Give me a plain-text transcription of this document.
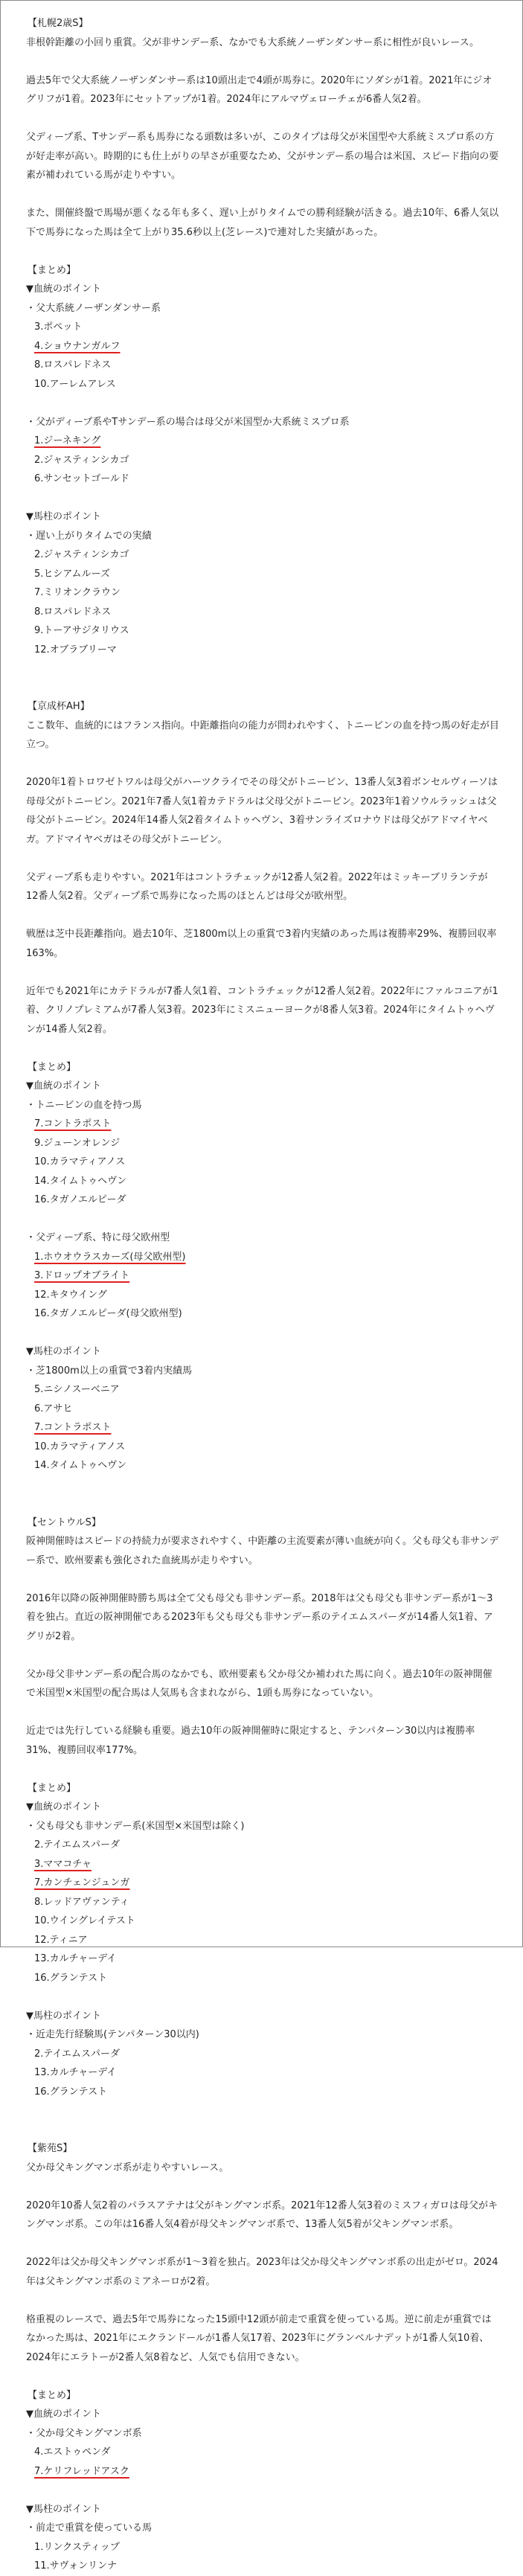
【札幌2歳S】
非根幹距離の小回り重賞。父が非サンデー系、なかでも大系統ノーザンダンサー系に相性が良いレース。
過去5年で父大系統ノーザンダンサー系は10頭出走で4頭が馬券に。2020年にソダシが1着。2021年にジオグリフが1着。2023年にセットアップが1着。2024年にアルマヴェローチェが6番人気2着。
父ディープ系、Tサンデー系も馬券になる頭数は多いが、このタイプは母父が米国型や大系統ミスプロ系の方が好走率が高い。時期的にも仕上がりの早さが重要なため、父がサンデー系の場合は米国、スピード指向の要素が補われている馬が走りやすい。
また、開催終盤で馬場が悪くなる年も多く、遅い上がりタイムでの勝利経験が活きる。過去10年、6番人気以下で馬券になった馬は全て上がり35.6秒以上(芝レース)で連対した実績があった。
【まとめ】
▼血統のポイント
・父大系統ノーザンダンサー系
3.ポペット
4.ショウナンガルフ
8.ロスパレドネス
10.アーレムアレス
・父がディープ系やTサンデー系の場合は母父が米国型か大系統ミスプロ系
1.ジーネキング
2.ジャスティンシカゴ
6.サンセットゴールド
▼馬柱のポイント
・遅い上がりタイムでの実績
2.ジャスティンシカゴ
5.ヒシアムルーズ
7.ミリオンクラウン
8.ロスパレドネス
9.トーアサジタリウス
12.オブラブリーマ
【京成杯AH】
ここ数年、血統的にはフランス指向。中距離指向の能力が問われやすく、トニービンの血を持つ馬の好走が目立つ。
2020年1着トロワゼトワルは母父がハーツクライでその母父がトニービン、13番人気3着ボンセルヴィーソは母母父がトニービン。2021年7番人気1着カテドラルは父母父がトニービン。2023年1着ソウルラッシュは父母父がトニービン。2024年14番人気2着タイムトゥヘヴン、3着サンライズロナウドは母父がアドマイヤベガ。アドマイヤベガはその母父がトニービン。
父ディープ系も走りやすい。2021年はコントラチェックが12番人気2着。2022年はミッキーブリランテが12番人気2着。父ディープ系で馬券になった馬のほとんどは母父が欧州型。
戦歴は芝中長距離指向。過去10年、芝1800m以上の重賞で3着内実績のあった馬は複勝率29%、複勝回収率163%。
近年でも2021年にカテドラルが7番人気1着、コントラチェックが12番人気2着。2022年にファルコニアが1着、クリノプレミアムが7番人気3着。2023年にミスニューヨークが8番人気3着。2024年にタイムトゥヘヴンが14番人気2着。
【まとめ】
▼血統のポイント
・トニービンの血を持つ馬
7.コントラポスト
9.ジューンオレンジ
10.カラマティアノス
14.タイムトゥヘヴン
16.タガノエルピーダ
・父ディープ系、特に母父欧州型
1.ホウオウラスカーズ(母父欧州型)
3.ドロップオブライト
12.キタウイング
16.タガノエルピーダ(母父欧州型)
▼馬柱のポイント
・芝1800m以上の重賞で3着内実績馬
5.ニシノスーベニア
6.アサヒ
7.コントラポスト
10.カラマティアノス
14.タイムトゥヘヴン
【セントウルS】
阪神開催時はスピードの持続力が要求されやすく、中距離の主流要素が薄い血統が向く。父も母父も非サンデー系で、欧州要素も強化された血統馬が走りやすい。
2016年以降の阪神開催時勝ち馬は全て父も母父も非サンデー系。2018年は父も母父も非サンデー系が1～3着を独占。直近の阪神開催である2023年も父も母父も非サンデー系のテイエムスパーダが14番人気1着、アグリが2着。
父か母父非サンデー系の配合馬のなかでも、欧州要素も父か母父か補われた馬に向く。過去10年の阪神開催で米国型×米国型の配合馬は人気馬も含まれながら、1頭も馬券になっていない。
近走では先行している経験も重要。過去10年の阪神開催時に限定すると、テンパターン30以内は複勝率31%、複勝回収率177%。
【まとめ】
▼血統のポイント
・父も母父も非サンデー系(米国型×米国型は除く)
2.テイエムスパーダ
3.ママコチャ
7.カンチェンジュンガ
8.レッドアヴァンティ
10.ウイングレイテスト
12.ティニア
13.カルチャーデイ
16.グランテスト
▼馬柱のポイント
・近走先行経験馬(テンパターン30以内)
2.テイエムスパーダ
13.カルチャーデイ
16.グランテスト
【紫苑S】
父か母父キングマンボ系が走りやすいレース。
2020年10番人気2着のパラスアテナは父がキングマンボ系。2021年12番人気3着のミスフィガロは母父がキングマンボ系。この年は16番人気4着が母父キングマンボ系で、13番人気5着が父キングマンボ系。
2022年は父か母父キングマンボ系が1～3着を独占。2023年は父か母父キングマンボ系の出走がゼロ。2024年は父キングマンボ系のミアネーロが2着。
格重視のレースで、過去5年で馬券になった15頭中12頭が前走で重賞を使っている馬。逆に前走が重賞ではなかった馬は、2021年にエクランドールが1番人気17着、2023年にグランベルナデットが1番人気10着、2024年にエラトーが2番人気8着など、人気でも信用できない。
【まとめ】
▼血統のポイント
・父か母父キングマンボ系
4.エストゥペンダ
7.ケリフレッドアスク
▼馬柱のポイント
・前走で重賞を使っている馬
1.リンクスティップ
11.サヴォンリンナ
